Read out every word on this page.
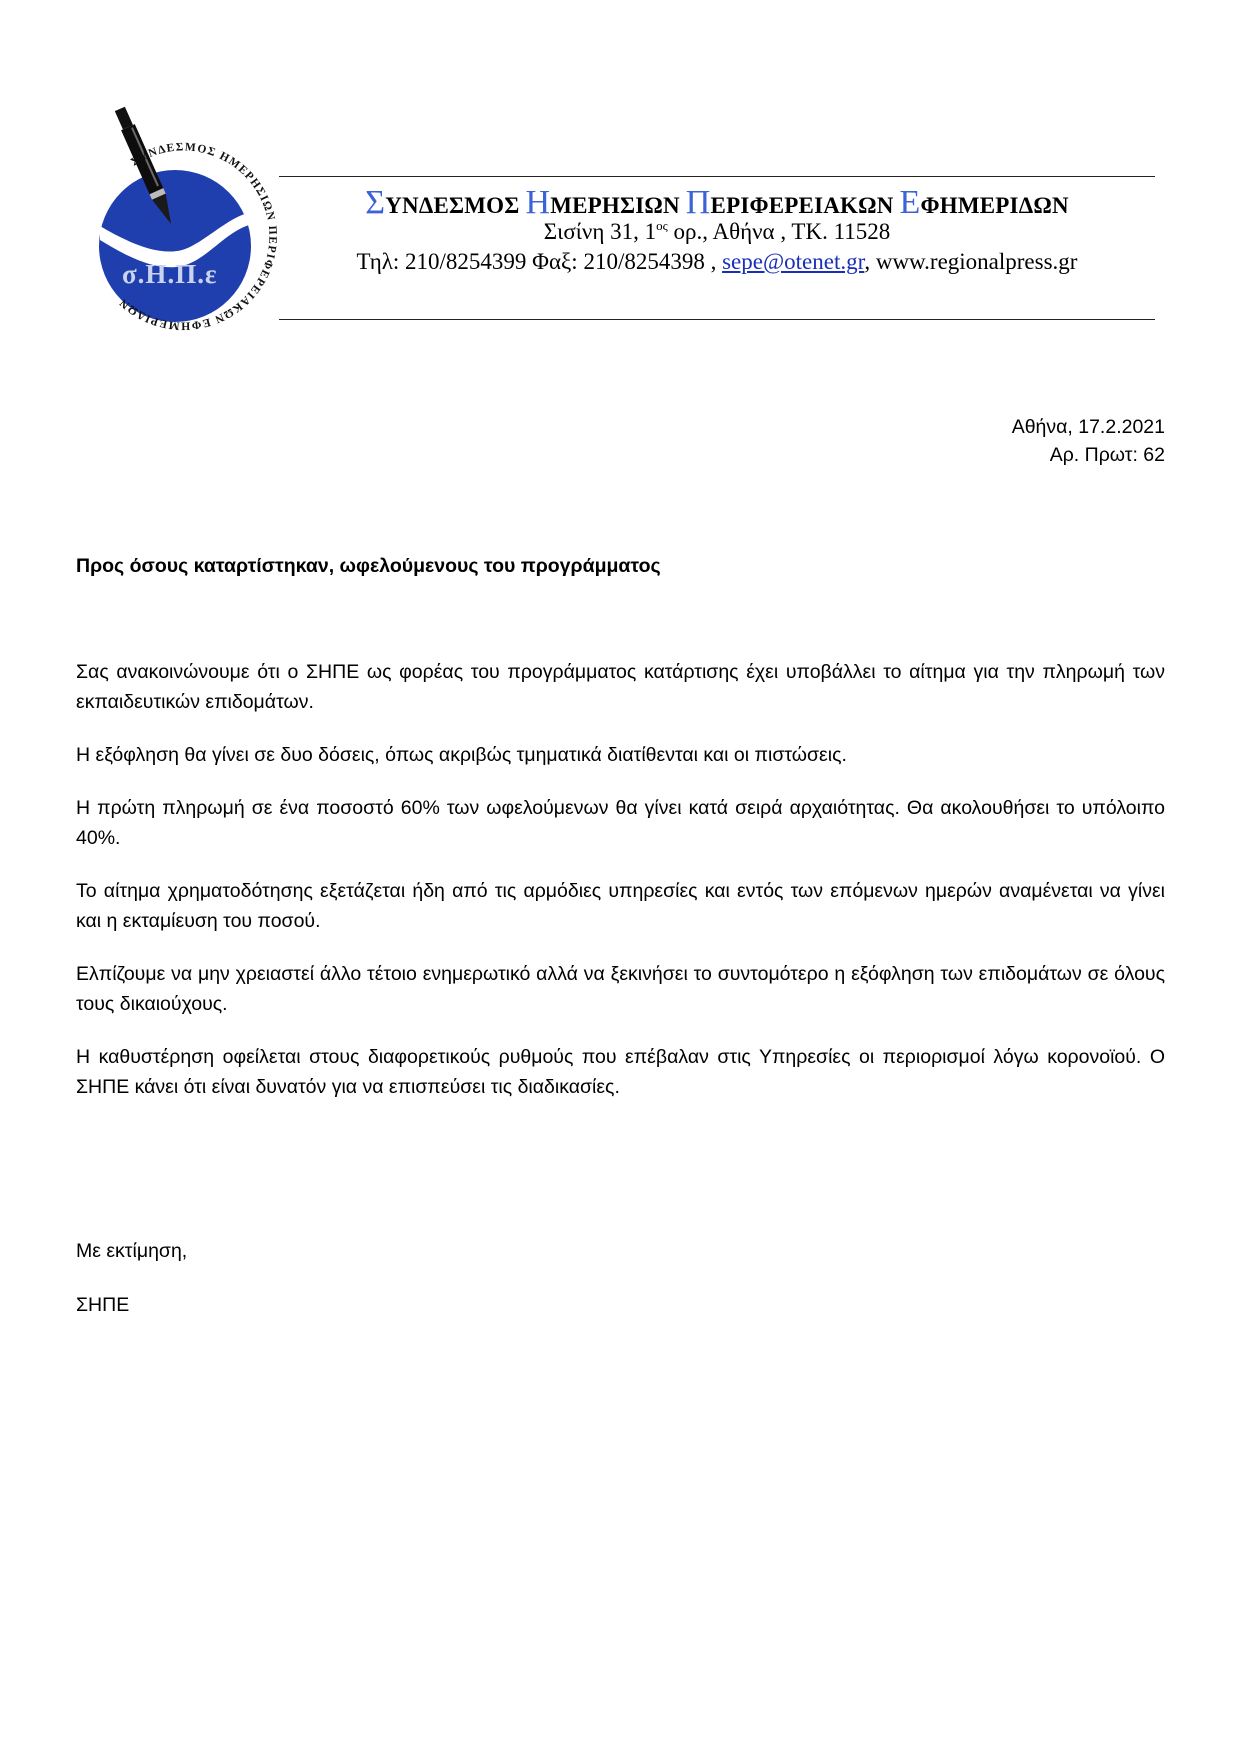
ΣΥΝΔΕΣΜΟΣ ΗΜΕΡΗΣΙΩΝ ΠΕΡΙΦΕΡΕΙΑΚΩΝ ΕΦΗΜΕΡΙΔΩΝ
σ.Η.Π.ε
ΣΥΝΔΕΣΜΟΣ ΗΜΕΡΗΣΙΩΝ ΠΕΡΙΦΕΡΕΙΑΚΩΝ ΕΦΗΜΕΡΙΔΩΝ
Σισίνη 31, $1^{o\varsigma}$ ορ., Αθήνα , ΤΚ. 11528
Τηλ: 210/8254399 Φαξ: 210/8254398 , sepe@otenet.gr, www.regionalpress.gr
Αθήνα, 17.2.2021
Αρ. Πρωτ: 62
Προς όσους καταρτίστηκαν, ωφελούμενους του προγράμματος

Σας ανακοινώνουμε ότι ο ΣΗΠΕ ως φορέας του προγράμματος κατάρτισης έχει υποβάλλει το αίτημα για την πληρωμή των εκπαιδευτικών επιδομάτων.

Η εξόφληση θα γίνει σε δυο δόσεις, όπως ακριβώς τμηματικά διατίθενται και οι πιστώσεις.

Η πρώτη πληρωμή σε ένα ποσοστό 60% των ωφελούμενων θα γίνει κατά σειρά αρχαιότητας. Θα ακολουθήσει το υπόλοιπο 40%.

Το αίτημα χρηματοδότησης εξετάζεται ήδη από τις αρμόδιες υπηρεσίες και εντός των επόμενων ημερών αναμένεται να γίνει και η εκταμίευση του ποσού.

Ελπίζουμε να μην χρειαστεί άλλο τέτοιο ενημερωτικό αλλά να ξεκινήσει το συντομότερο η εξόφληση των επιδομάτων σε όλους τους δικαιούχους.

Η καθυστέρηση οφείλεται στους διαφορετικούς ρυθμούς που επέβαλαν στις Υπηρεσίες οι περιορισμοί λόγω κορονοϊού. Ο ΣΗΠΕ κάνει ότι είναι δυνατόν για να επισπεύσει τις διαδικασίες.

Με εκτίμηση,
ΣΗΠΕ
